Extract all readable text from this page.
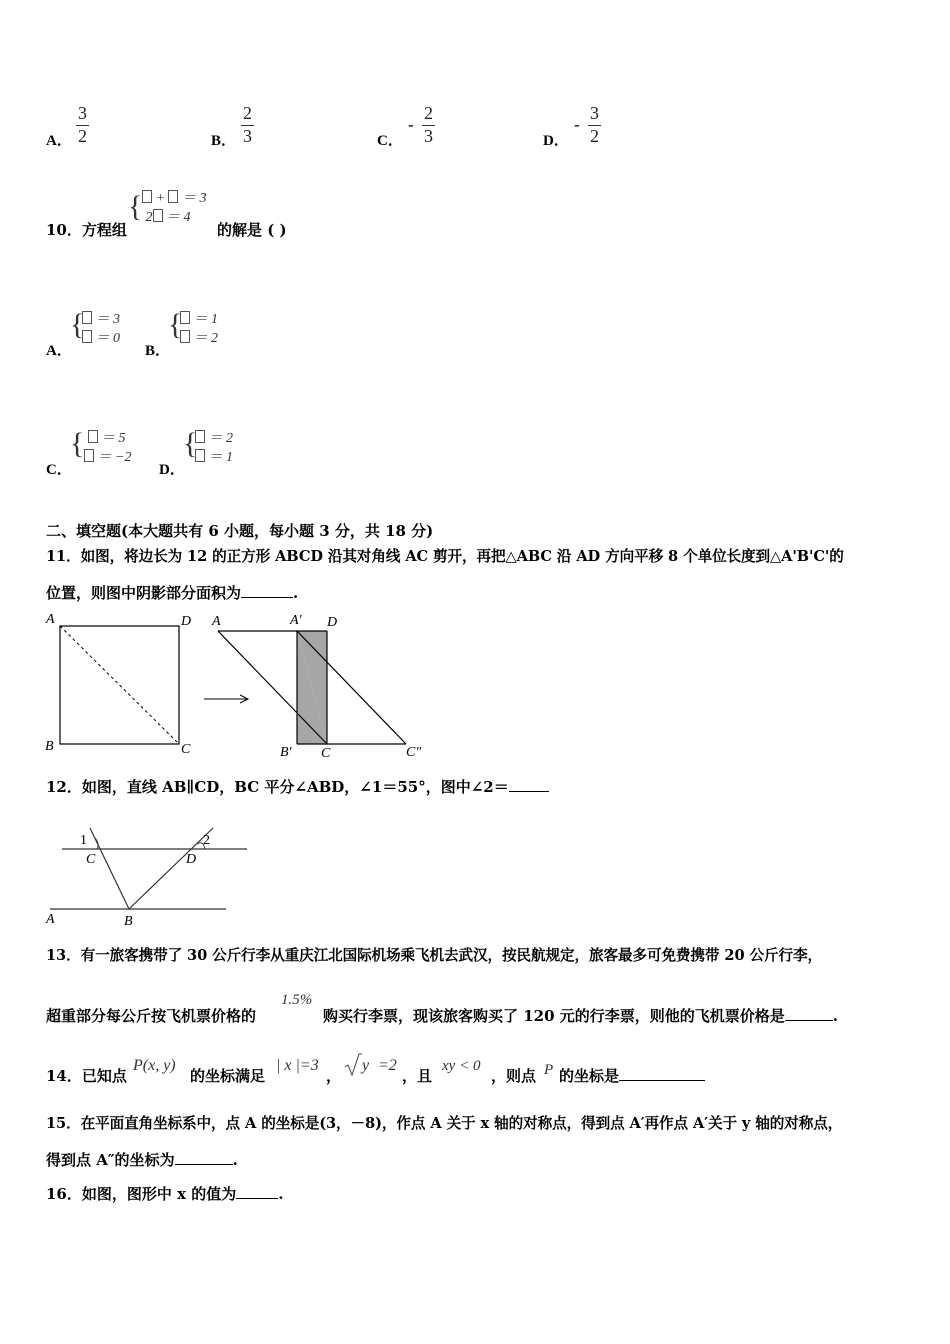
A．
3
2	B．
2
3	C．
-
2
3	D．
-
3
2
10．方程组
{ +  ＝ 3
2 ＝ 4
的解是 ( )
A．
{ ＝ 3
＝ 0
B．
{ ＝ 1
＝ 2
C．
{	＝ 5
＝ −2
D．
{ ＝ 2
＝ 1
二、填空题(本大题共有 6 小题，每小题 3 分，共 18 分)
11．如图，将边长为 12 的正方形 ABCD 沿其对角线 AC 剪开，再把△ABC 沿 AD 方向平移 8 个单位长度到△A'B'C'的
位置，则图中阴影部分面积为	.
A	D
B	C
A	A′ D
B′ C	C″
12．如图，直线 AB∥CD，BC 平分∠ABD，∠1＝55°，图中∠2＝
1	2
C	D
A	B
13．有一旅客携带了 30 公斤行李从重庆江北国际机场乘飞机去武汉，按民航规定，旅客最多可免费携带 20 公斤行李，
超重部分每公斤按飞机票价格的
1.5%
购买行李票，现该旅客购买了 120 元的行李票，则他的飞机票价格是	.
14．已知点
P(x, y)
的坐标满足
| x |=3
，
y =2
，且
xy < 0
，则点 P 的坐标是
15．在平面直角坐标系中，点 A 的坐标是(3，－8)，作点 A 关于 x 轴的对称点，得到点 A′再作点 A′关于 y 轴的对称点，
得到点 A″的坐标为	.
16．如图，图形中 x 的值为	.
